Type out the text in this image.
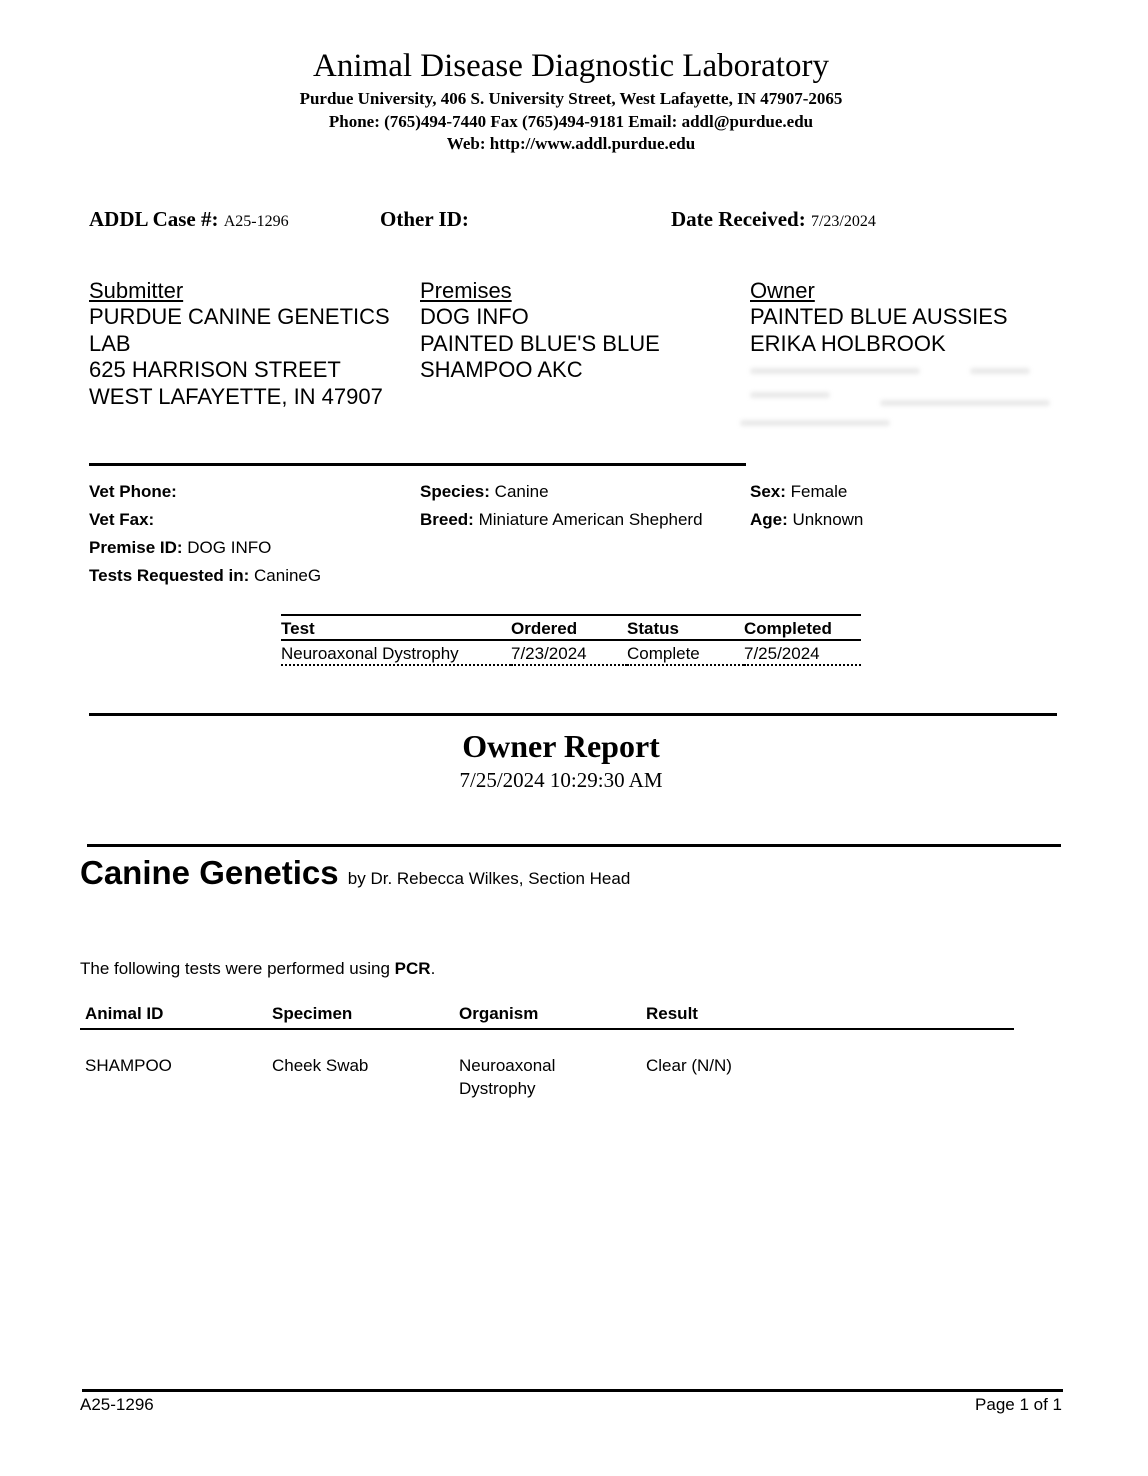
Animal Disease Diagnostic Laboratory
Purdue University, 406 S. University Street, West Lafayette, IN 47907-2065
Phone: (765)494-7440 Fax (765)494-9181 Email: addl@purdue.edu
Web: http://www.addl.purdue.edu
ADDL Case #: A25-1296	Other ID:	Date Received: 7/23/2024
Submitter
PURDUE CANINE GENETICS
LAB
625 HARRISON STREET
WEST LAFAYETTE, IN 47907
Premises
DOG INFO
PAINTED BLUE'S BLUE
SHAMPOO AKC
Owner
PAINTED BLUE AUSSIES
ERIKA HOLBROOK
Vet Phone:
Vet Fax:
Premise ID: DOG INFO
Tests Requested in: CanineG
Species: Canine
Breed: Miniature American Shepherd
Sex: Female
Age: Unknown
Test	Ordered	Status	Completed
Neuroaxonal Dystrophy	7/23/2024	Complete	7/25/2024
Owner Report
7/25/2024 10:29:30 AM
Canine Genetics by Dr. Rebecca Wilkes, Section Head
The following tests were performed using PCR.
Animal ID	Specimen	Organism	Result
SHAMPOO	Cheek Swab	Neuroaxonal Dystrophy	Clear (N/N)
A25-1296	Page 1 of 1
